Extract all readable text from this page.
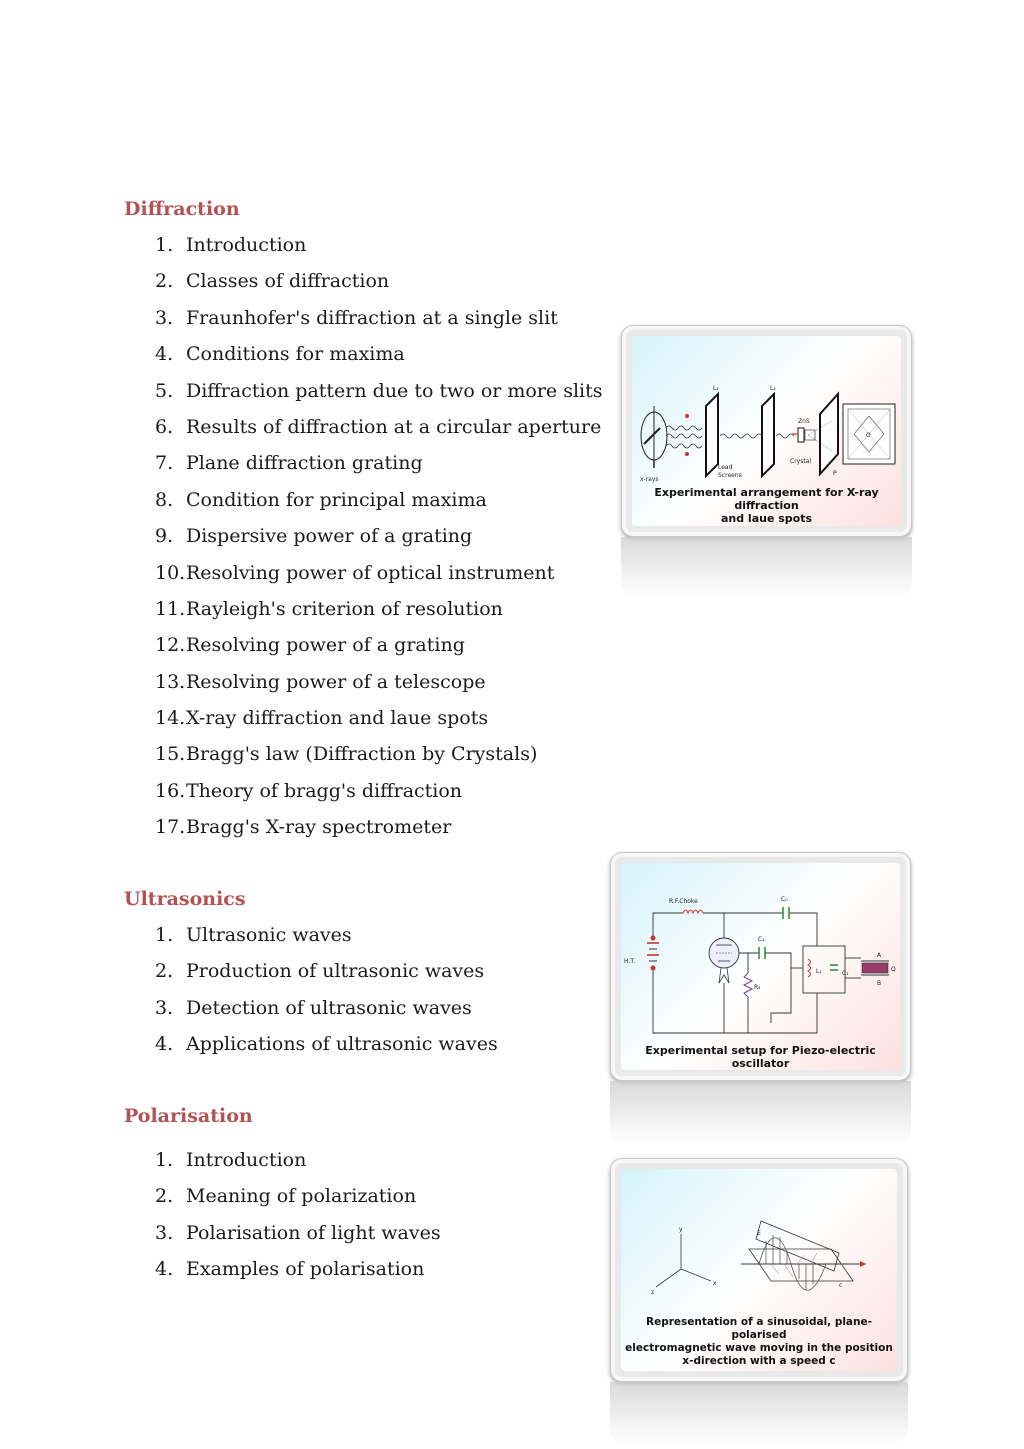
Diffraction
1. Introduction
2. Classes of diffraction
3. Fraunhofer's diffraction at a single slit
4. Conditions for maxima
5. Diffraction pattern due to two or more slits
6. Results of diffraction at a circular aperture
7. Plane diffraction grating
8. Condition for principal maxima
9. Dispersive power of a grating
10. Resolving power of optical instrument
11. Rayleigh's criterion of resolution
12. Resolving power of a grating
13. Resolving power of a telescope
14. X-ray diffraction and laue spots
15. Bragg's law (Diffraction by Crystals)
16. Theory of bragg's diffraction
17. Bragg's X-ray spectrometer
Ultrasonics
1. Ultrasonic waves
2. Production of ultrasonic waves
3. Detection of ultrasonic waves
4. Applications of ultrasonic waves
Polarisation
1. Introduction
2. Meaning of polarization
3. Polarisation of light waves
4. Examples of polarisation
L₁	L₂
ZnS
Crystal
Lead
Screens
x-rays
P
O
Experimental arrangement for X-ray diffraction
and laue spots

R.F.Choke	C₀
C₄
H.T.
L₁	C₁
R₄
A
B
Q
Experimental setup for Piezo-electric oscillator
y
x
z
E
c
Representation of a sinusoidal, plane-polarised
electromagnetic wave moving in the position
x-direction with a speed c
